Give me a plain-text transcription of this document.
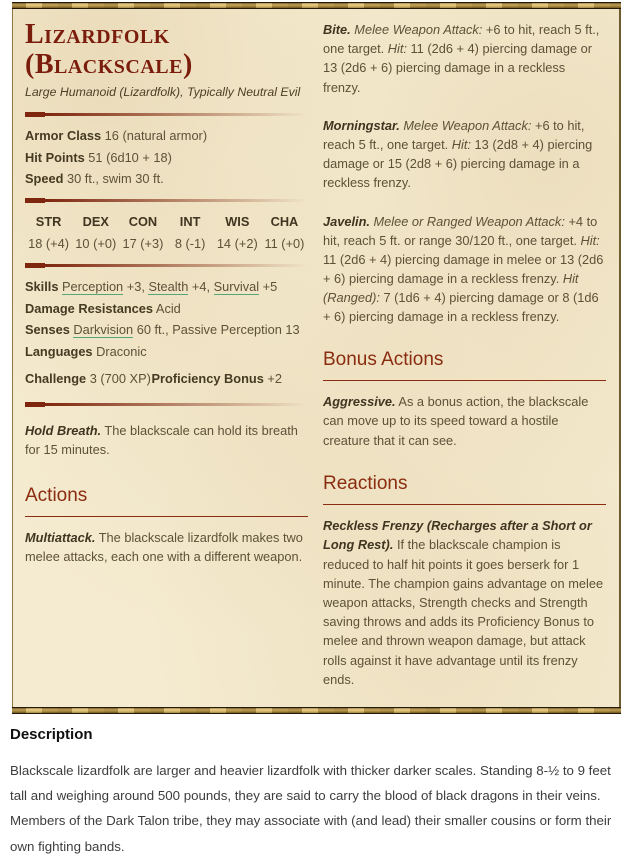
Lizardfolk (Blackscale)
Large Humanoid (Lizardfolk), Typically Neutral Evil
Armor Class 16 (natural armor)
Hit Points 51 (6d10 + 18)
Speed 30 ft., swim 30 ft.
STR
18 (+4)
DEX
10 (+0)
CON
17 (+3)
INT
8 (-1)
WIS
14 (+2)
CHA
11 (+0)
Skills Perception +3, Stealth +4, Survival +5
Damage Resistances Acid
Senses Darkvision 60 ft., Passive Perception 13
Languages Draconic
Challenge 3 (700 XP) Proficiency Bonus +2
Hold Breath. The blackscale can hold its breath for 15 minutes.
Actions
Multiattack. The blackscale lizardfolk makes two melee attacks, each one with a different weapon.
Bite. Melee Weapon Attack: +6 to hit, reach 5 ft., one target. Hit: 11 (2d6 + 4) piercing damage or 13 (2d6 + 6) piercing damage in a reckless frenzy.
Morningstar. Melee Weapon Attack: +6 to hit, reach 5 ft., one target. Hit: 13 (2d8 + 4) piercing damage or 15 (2d8 + 6) piercing damage in a reckless frenzy.
Javelin. Melee or Ranged Weapon Attack: +4 to hit, reach 5 ft. or range 30/120 ft., one target. Hit: 11 (2d6 + 4) piercing damage in melee or 13 (2d6 + 6) piercing damage in a reckless frenzy. Hit (Ranged): 7 (1d6 + 4) piercing damage or 8 (1d6 + 6) piercing damage in a reckless frenzy.
Bonus Actions
Aggressive. As a bonus action, the blackscale can move up to its speed toward a hostile creature that it can see.
Reactions
Reckless Frenzy (Recharges after a Short or Long Rest). If the blackscale champion is reduced to half hit points it goes berserk for 1 minute. The champion gains advantage on melee weapon attacks, Strength checks and Strength saving throws and adds its Proficiency Bonus to melee and thrown weapon damage, but attack rolls against it have advantage until its frenzy ends.
Description

Blackscale lizardfolk are larger and heavier lizardfolk with thicker darker scales. Standing 8-½ to 9 feet tall and weighing around 500 pounds, they are said to carry the blood of black dragons in their veins. Members of the Dark Talon tribe, they may associate with (and lead) their smaller cousins or form their own fighting bands.
